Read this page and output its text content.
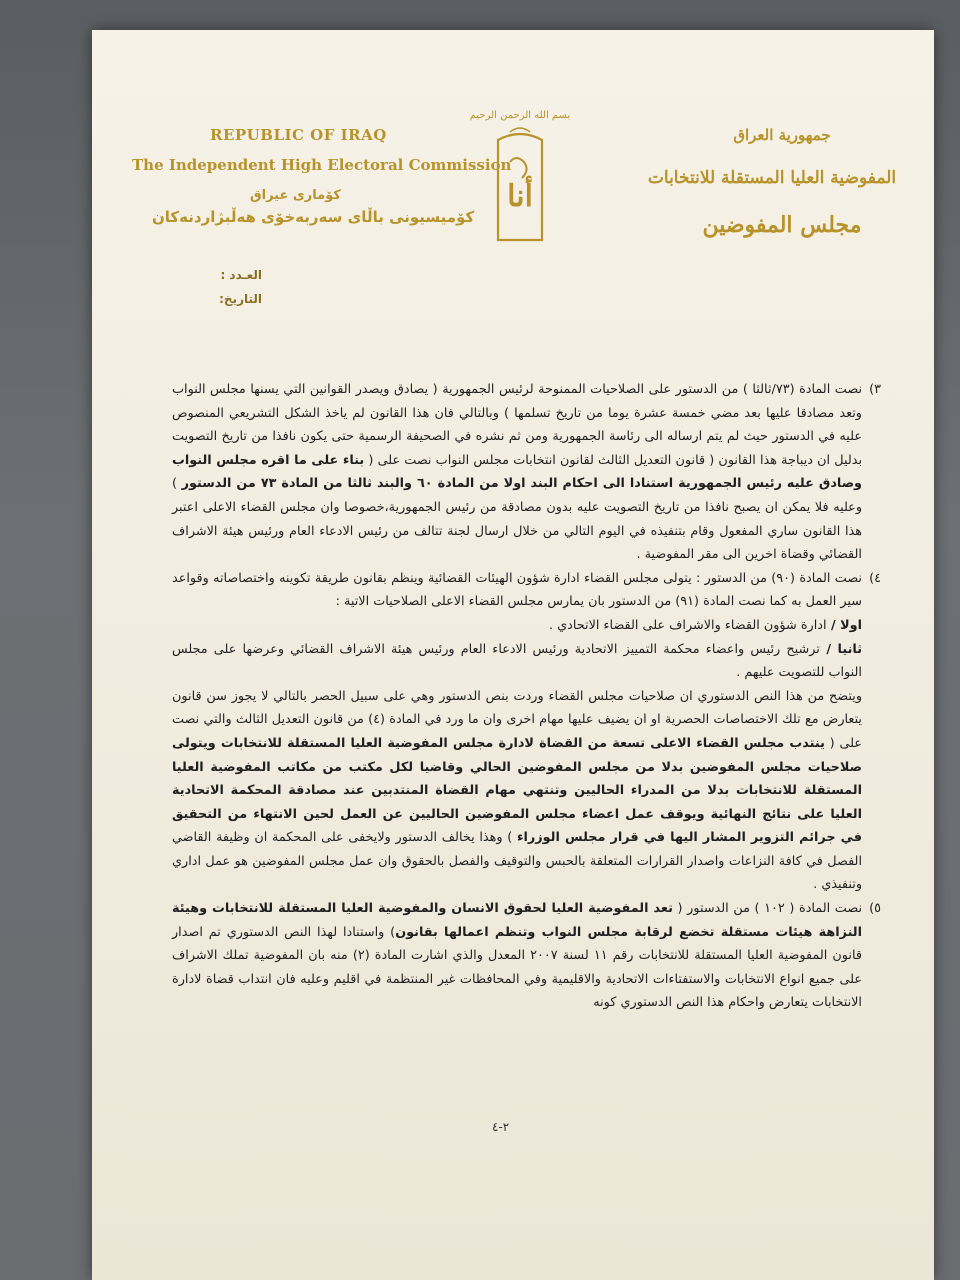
REPUBLIC OF IRAQ
The Independent High Electoral Commission
كۆماری عیراق
كۆمیسیونی باڵای سەربەخۆی هەڵبژاردنەكان
بسم الله الرحمن الرحيم
أنا
جمهورية العراق
المفوضية العليا المستقلة للانتخابات
مجلس المفوضين
العـدد :
التاريخ:
٣)
نصت المادة (٧٣/ثالثا ) من الدستور على الصلاحيات الممنوحة لرئيس الجمهورية ( يصادق ويصدر القوانين التي يسنها مجلس النواب وتعد مصادقا عليها بعد مضي خمسة عشرة يوما من تاريخ تسلمها ) وبالتالي فان هذا القانون لم ياخذ الشكل التشريعي المنصوص عليه في الدستور حيث لم يتم ارساله الى رئاسة الجمهورية ومن ثم نشره في الصحيفة الرسمية حتى يكون نافذا من تاريخ التصويت بدليل ان ديباجة هذا القانون ( قانون التعديل الثالث لقانون انتخابات مجلس النواب نصت على ( بناء على ما اقره مجلس النواب وصادق عليه رئيس الجمهورية استنادا الى احكام البند اولا من المادة ٦٠ والبند ثالثا من المادة ٧٣ من الدستور ) وعليه فلا يمكن ان يصبح نافذا من تاريخ التصويت عليه بدون مصادقة من رئيس الجمهورية،خصوصا وان مجلس القضاء الاعلى اعتبر هذا القانون ساري المفعول وقام بتنفيذه في اليوم التالي من خلال ارسال لجنة تتالف من رئيس الادعاء العام ورئيس هيئة الاشراف القضائي وقضاة اخرين الى مقر المفوضية .
٤)
نصت المادة (٩٠) من الدستور : يتولى مجلس القضاء ادارة شؤون الهيئات القضائية وينظم بقانون طريقة تكوينه واختصاصاته وقواعد سير العمل به كما نصت المادة (٩١) من الدستور بان يمارس مجلس القضاء الاعلى الصلاحيات الاتية :
اولا / ادارة شؤون القضاء والاشراف على القضاء الاتحادي .
ثانيا / ترشيح رئيس واعضاء محكمة التمييز الاتحادية ورئيس الادعاء العام ورئيس هيئة الاشراف القضائي وعرضها على مجلس النواب للتصويت عليهم .
ويتضح من هذا النص الدستوري ان صلاحيات مجلس القضاء وردت بنص الدستور وهي على سبيل الحصر بالتالي لا يجوز سن قانون يتعارض مع تلك الاختصاصات الحصرية او ان يضيف عليها مهام اخرى وان ما ورد في المادة (٤) من قانون التعديل الثالث والتي نصت على ( ينتدب مجلس القضاء الاعلى تسعة من القضاة لادارة مجلس المفوضية العليا المستقلة للانتخابات ويتولى صلاحيات مجلس المفوضين بدلا من مجلس المفوضين الحالي وقاضيا لكل مكتب من مكاتب المفوضية العليا المستقلة للانتخابات بدلا من المدراء الحاليين وتنتهي مهام القضاة المنتدبين عند مصادقة المحكمة الاتحادية العليا على نتائج النهائية ويوقف عمل اعضاء مجلس المفوضين الحاليين عن العمل لحين الانتهاء من التحقيق في جرائم التزوير المشار اليها في قرار مجلس الوزراء ) وهذا يخالف الدستور ولايخفى على المحكمة ان وظيفة القاضي الفصل في كافة النزاعات واصدار القرارات المتعلقة بالحبس والتوقيف والفصل بالحقوق وان عمل مجلس المفوضين هو عمل اداري وتنفيذي .
٥)
نصت المادة ( ١٠٢ ) من الدستور ( تعد المفوضية العليا لحقوق الانسان والمفوضية العليا المستقلة للانتخابات وهيئة النزاهة هيئات مستقلة تخضع لرقابة مجلس النواب وتنظم اعمالها بقانون) واستنادا لهذا النص الدستوري تم اصدار قانون المفوضية العليا المستقلة للانتخابات رقم ١١ لسنة ٢٠٠٧ المعدل والذي اشارت المادة (٢) منه بان المفوضية تملك الاشراف على جميع انواع الانتخابات والاستفتاءات الاتحادية والاقليمية وفي المحافظات غير المنتظمة في اقليم وعليه فان انتداب قضاة لادارة الانتخابات يتعارض واحكام هذا النص الدستوري كونه
٢-٤
